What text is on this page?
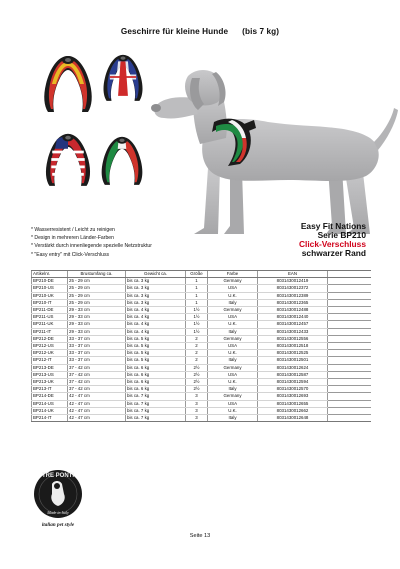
Geschirre für kleine Hunde (bis 7 kg)
* Wasserresistent / Leicht zu reinigen
* Design in mehreren Länder-Farben
* Verstärkt durch innenliegende spezielle Netzstruktur
* "Easy entry" mit Click-Verschluss
Easy Fit Nations
Serie BP210
Click-Verschluss
schwarzer Rand
Artikelnr.	Brustumfang ca.	Gewicht ca.	Größe	Farbe	EAN	
BP210-DE	25 - 29 cm	bis ca. 3 kg	1	Germany	8031430012419	
BP210-US	25 - 29 cm	bis ca. 3 kg	1	USA	8031430012372	
BP210-UK	25 - 29 cm	bis ca. 3 kg	1	U.K.	8031430012389	
BP210-IT	25 - 29 cm	bis ca. 3 kg	1	Italy	8031430012365	
BP211-DE	29 - 33 cm	bis ca. 4 kg	1½	Germany	8031430012488	
BP211-US	29 - 33 cm	bis ca. 4 kg	1½	USA	8031430012440	
BP211-UK	29 - 33 cm	bis ca. 4 kg	1½	U.K.	8031430012457	
BP211-IT	29 - 33 cm	bis ca. 4 kg	1½	Italy	8031430012433	
BP212-DE	33 - 37 cm	bis ca. 5 kg	2	Germany	8031430012556	
BP212-US	33 - 37 cm	bis ca. 5 kg	2	USA	8031430012518	
BP212-UK	33 - 37 cm	bis ca. 5 kg	2	U.K.	8031430012525	
BP212-IT	33 - 37 cm	bis ca. 5 kg	2	Italy	8031430012501	
BP213-DE	37 - 42 cm	bis ca. 6 kg	2½	Germany	8031430012624	
BP213-US	37 - 42 cm	bis ca. 6 kg	2½	USA	8031430012587	
BP213-UK	37 - 42 cm	bis ca. 6 kg	2½	U.K.	8031430012594	
BP213-IT	37 - 42 cm	bis ca. 6 kg	2½	Italy	8031430012570	
BP214-DE	42 - 47 cm	bis ca. 7 kg	3	Germany	8031430012693	
BP214-US	42 - 47 cm	bis ca. 7 kg	3	USA	8031430012655	
BP214-UK	42 - 47 cm	bis ca. 7 kg	3	U.K.	8031430012662	
BP214-IT	42 - 47 cm	bis ca. 7 kg	3	Italy	8031430012648	
TRE PONTI
Made in Italy
italian pet style
Seite 13
